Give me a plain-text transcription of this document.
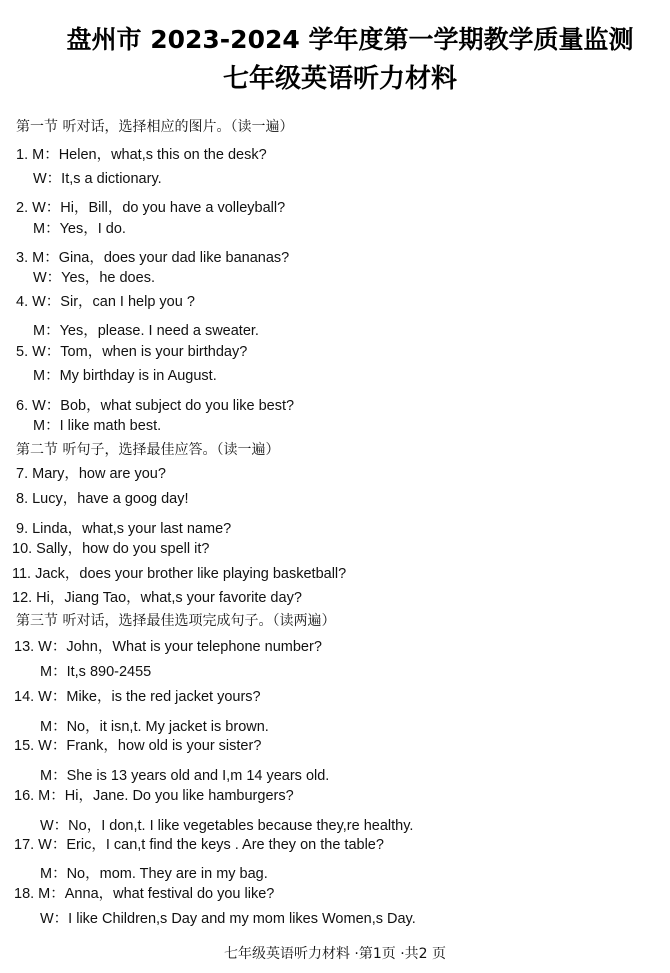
盘州市 2023-2024 学年度第一学期教学质量监测
七年级英语听力材料
第一节 听对话，选择相应的图片。（读一遍）
1. M：Helen，what,s this on the desk?
W：It,s a dictionary.
2. W：Hi，Bill，do you have a volleyball?
M：Yes，I do.
3. M：Gina，does your dad like bananas?
W：Yes，he does.
4. W：Sir，can I help you ?
M：Yes，please. I need a sweater.
5. W：Tom，when is your birthday?
M：My birthday is in August.
6. W：Bob，what subject do you like best?
M：I like math best.
第二节 听句子，选择最佳应答。（读一遍）
7. Mary，how are you?
8. Lucy，have a goog day!
9. Linda，what,s your last name?
10. Sally，how do you spell it?
11. Jack，does your brother like playing basketball?
12. Hi，Jiang Tao，what,s your favorite day?
第三节 听对话，选择最佳选项完成句子。（读两遍）
13. W：John，What is your telephone number?
M：It,s 890-2455
14. W：Mike，is the red jacket yours?
M：No，it isn,t. My jacket is brown.
15. W：Frank，how old is your sister?
M：She is 13 years old and I,m 14 years old.
16. M：Hi，Jane. Do you like hamburgers?
W：No，I don,t. I like vegetables because they,re healthy.
17. W：Eric，I can,t find the keys . Are they on the table?
M：No，mom. They are in my bag.
18. M：Anna，what festival do you like?
W：I like Children,s Day and my mom likes Women,s Day.
七年级英语听力材料 ·第1页 ·共2 页
